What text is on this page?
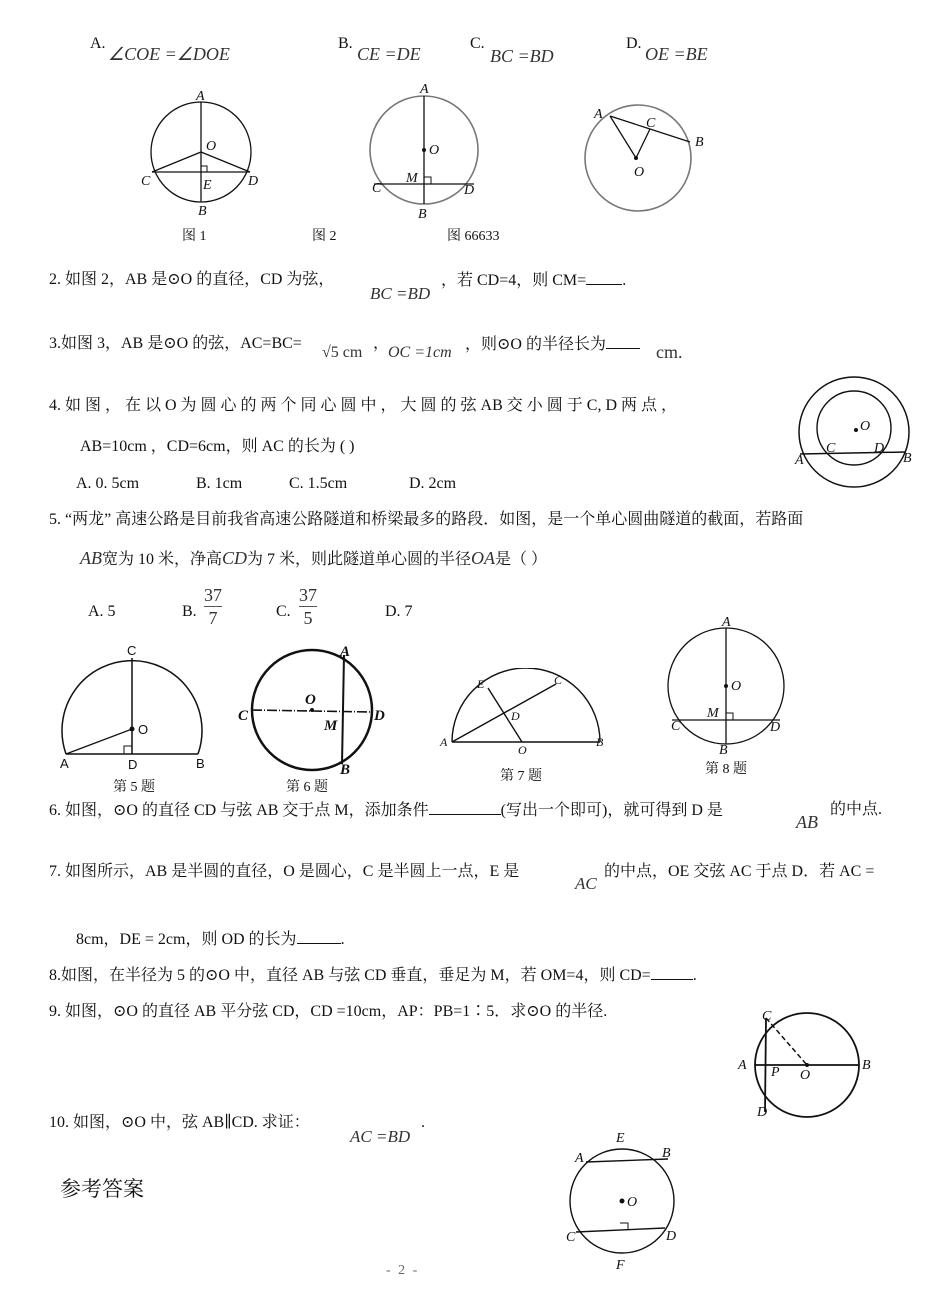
A.
∠COE =∠DOE
B.
CE =DE
C.
BC =BD
D.
OE =BE
A
O
C	E	D
B
A
O
M
C	D
B
A
C
B
O
图 1	图 2	图 66633
2. 如图 2，AB 是⊙O 的直径，CD 为弦，
BC =BD
，若 CD=4，则 CM= .
3.如图 3，AB 是⊙O 的弦，AC=BC=
√5 cm
，
OC =1cm ，则⊙O 的半径长为	cm.
4. 如 图 ， 在 以 O 为 圆 心 的 两 个 同 心 圆 中 ， 大 圆 的 弦 AB 交 小 圆 于 C, D 两 点 ，
AB=10cm ，CD=6cm，则 AC 的长为 ( )
A. 0. 5cm	B. 1cm	C. 1.5cm	D. 2cm
O
A
C	D
B
5. “两龙” 高速公路是目前我省高速公路隧道和桥梁最多的路段．如图，是一个单心圆曲隧道的截面，若路面
AB宽为 10 米，净高CD为 7 米，则此隧道单心圆的半径OA是（ ）
A. 5	B. $\frac{37}{7}$	C. $\frac{37}{5}$	D. 7
C
O
A	D	B
O
A
C
M
D
B
E	C
D
A
O
B
A
O
M
C	D
B
第 5 题	第 6 题
第 7 题	第 8 题
6. 如图，⊙O 的直径 CD 与弦 AB 交于点 M，添加条件	(写出一个即可)，就可得到 D 是
AB
的中点.
7. 如图所示，AB 是半圆的直径，O 是圆心，C 是半圆上一点，E 是
AC
的中点，OE 交弦 AC 于点 D．若 AC =
8cm，DE = 2cm，则 OD 的长为	.
8.如图，在半径为 5 的⊙O 中，直径 AB 与弦 CD 垂直，垂足为 M，若 OM=4，则 CD=	.
9. 如图，⊙O 的直径 AB 平分弦 CD，CD =10cm，AP：PB=1∶5．求⊙O 的半径.	C
A P O
B
D
10. 如图，⊙O 中，弦 AB∥CD. 求证：
AC =BD
.
E
A	B
O
C	D
F
参考答案
- 2 -
